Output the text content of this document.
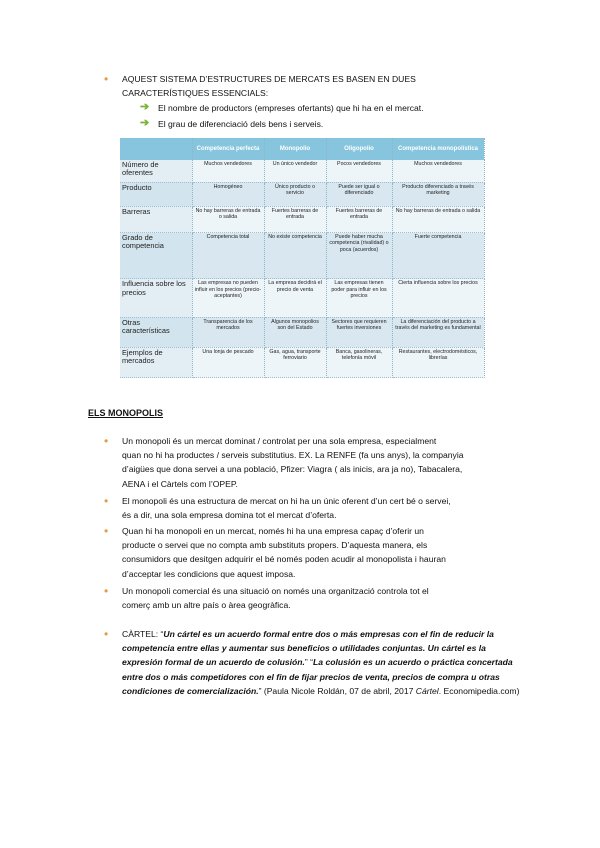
• AQUEST SISTEMA D’ESTRUCTURES DE MERCATS ES BASEN EN DUES
CARACTERÍSTIQUES ESSENCIALS:
➔ El nombre de productors (empreses ofertants) que hi ha en el mercat.
➔ El grau de diferenciació dels bens i serveis.
	Competencia perfecta	Monopolio	Oligopolio	Competencia monopolística
Número de oferentes	Muchos vendedores	Un único vendedor	Pocos vendedores	Muchos vendedores
Producto	Homogéneo	Único producto o servicio	Puede ser igual o diferenciado	Producto diferenciado a través marketing
Barreras	No hay barreras de entrada o salida	Fuertes barreras de entrada	Fuertes barreras de entrada	No hay barreras de entrada o salida
Grado de competencia	Competencia total	No existe competencia	Puede haber mucha competencia (rivalidad) o poca (acuerdos)	Fuerte competencia
Influencia sobre los precios	Las empresas no pueden influir en los precios (precio-aceptantes)	La empresa decidirá el precio de venta	Las empresas tienen poder para influir en los precios	Cierta influencia sobre los precios
Otras características	Transparencia de los mercados	Algunos monopolios son del Estado	Sectores que requieren fuertes inversiones	La diferenciación del producto a través del marketing es fundamental
Ejemplos de mercados	Una lonja de pescado	Gas, agua, transporte ferroviario	Banca, gasolineras, telefonía móvil	Restaurantes, electrodomésticos, librerías
ELS MONOPOLIS
• Un monopoli és un mercat dominat / controlat per una sola empresa, especialment
quan no hi ha productes / serveis substitutius. EX. La RENFE (fa uns anys), la companyia
d’aigües que dona servei a una població, Pfizer: Viagra ( als inicis, ara ja no), Tabacalera,
AENA i el Càrtels com l’OPEP.
• El monopoli és una estructura de mercat on hi ha un únic oferent d’un cert bé o servei,
és a dir, una sola empresa domina tot el mercat d’oferta.
• Quan hi ha monopoli en un mercat, només hi ha una empresa capaç d’oferir un
producte o servei que no compta amb substituts propers. D’aquesta manera, els
consumidors que desitgen adquirir el bé només poden acudir al monopolista i hauran
d’acceptar les condicions que aquest imposa.
• Un monopoli comercial és una situació on només una organització controla tot el
comerç amb un altre país o àrea geogràfica.
• CÀRTEL: “Un cártel es un acuerdo formal entre dos o más empresas con el fin de reducir la competencia entre ellas y aumentar sus beneficios o utilidades conjuntas. Un cártel es la expresión formal de un acuerdo de colusión.” “La colusión es un acuerdo o práctica concertada entre dos o más competidores con el fin de fijar precios de venta, precios de compra u otras condiciones de comercialización.” (Paula Nicole Roldán, 07 de abril, 2017 Cártel. Economipedia.com)
